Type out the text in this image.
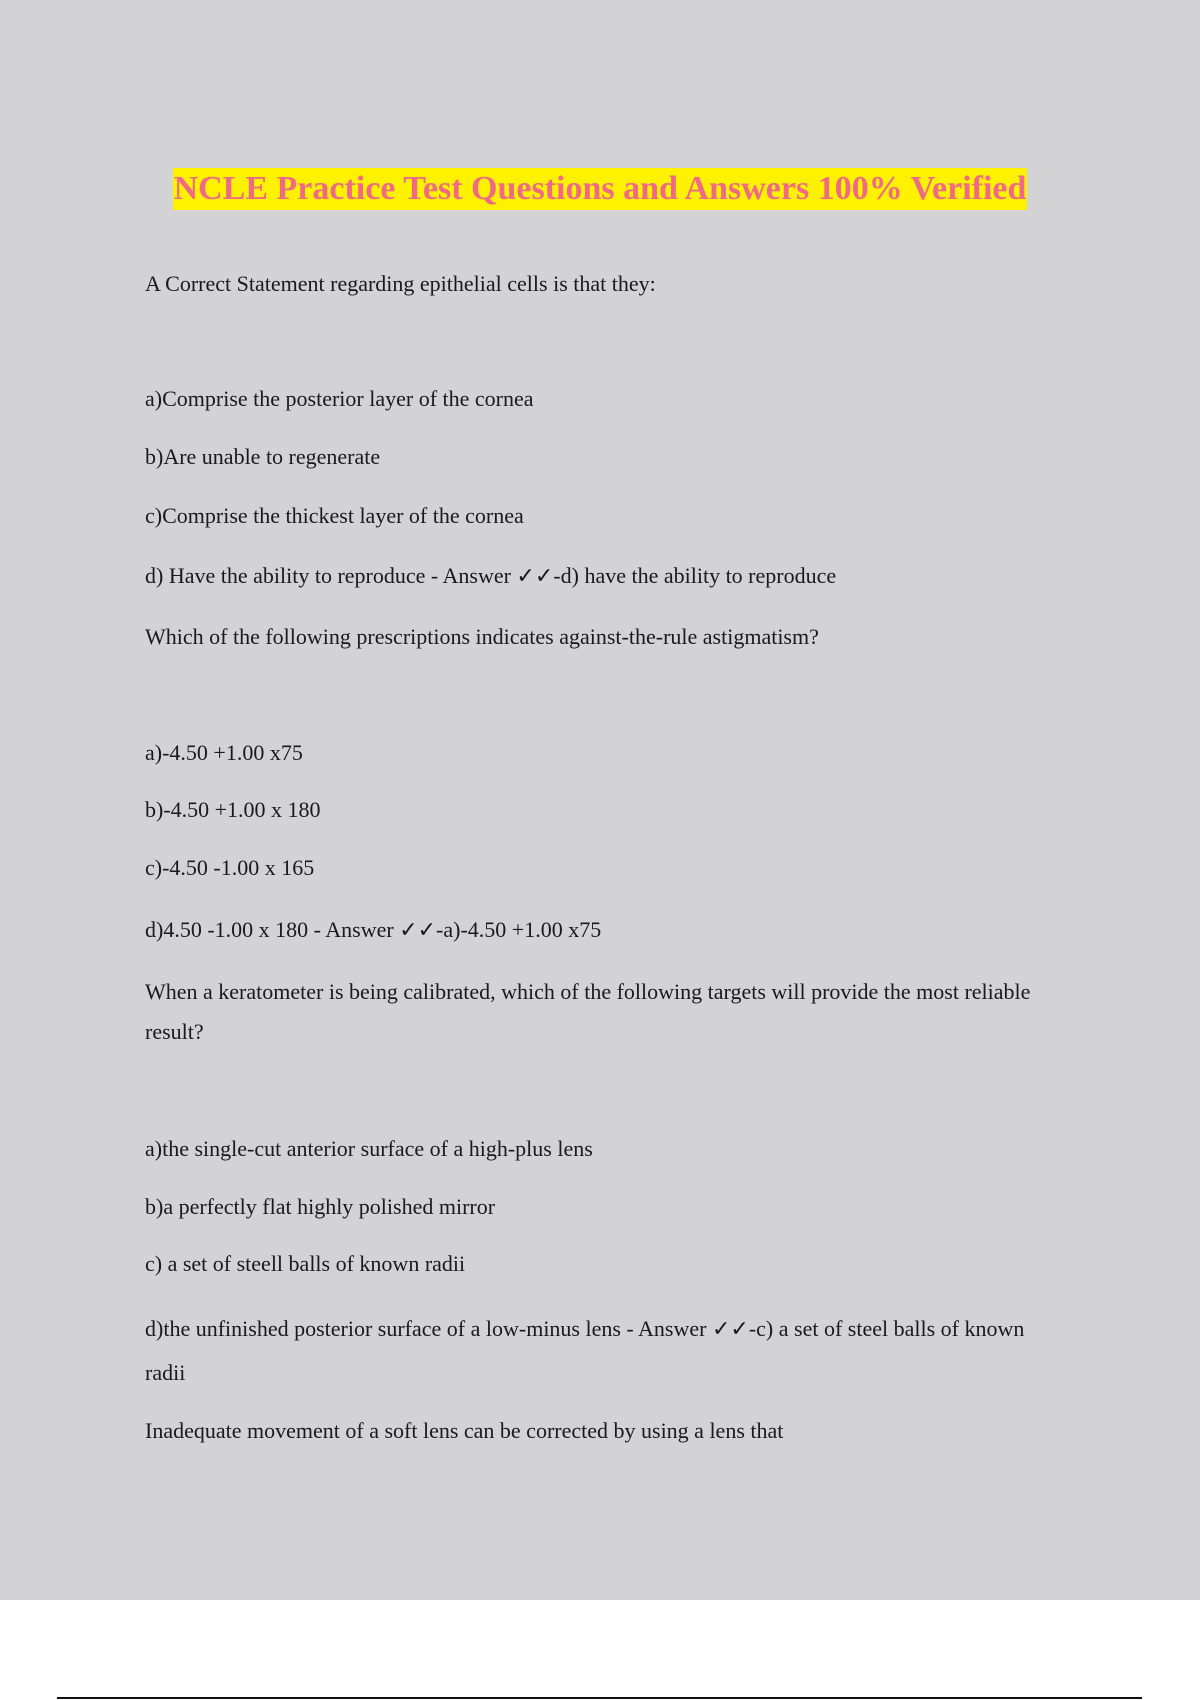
NCLE Practice Test Questions and Answers 100% Verified
A Correct Statement regarding epithelial cells is that they:
a)Comprise the posterior layer of the cornea
b)Are unable to regenerate
c)Comprise the thickest layer of the cornea
d) Have the ability to reproduce - Answer ✓✓-d) have the ability to reproduce
Which of the following prescriptions indicates against-the-rule astigmatism?
a)-4.50 +1.00 x75
b)-4.50 +1.00 x 180
c)-4.50 -1.00 x 165
d)4.50 -1.00 x 180 - Answer ✓✓-a)-4.50 +1.00 x75
When a keratometer is being calibrated, which of the following targets will provide the most reliable result?
a)the single-cut anterior surface of a high-plus lens
b)a perfectly flat highly polished mirror
c) a set of steell balls of known radii
d)the unfinished posterior surface of a low-minus lens - Answer ✓✓-c) a set of steel balls of known radii
Inadequate movement of a soft lens can be corrected by using a lens that
